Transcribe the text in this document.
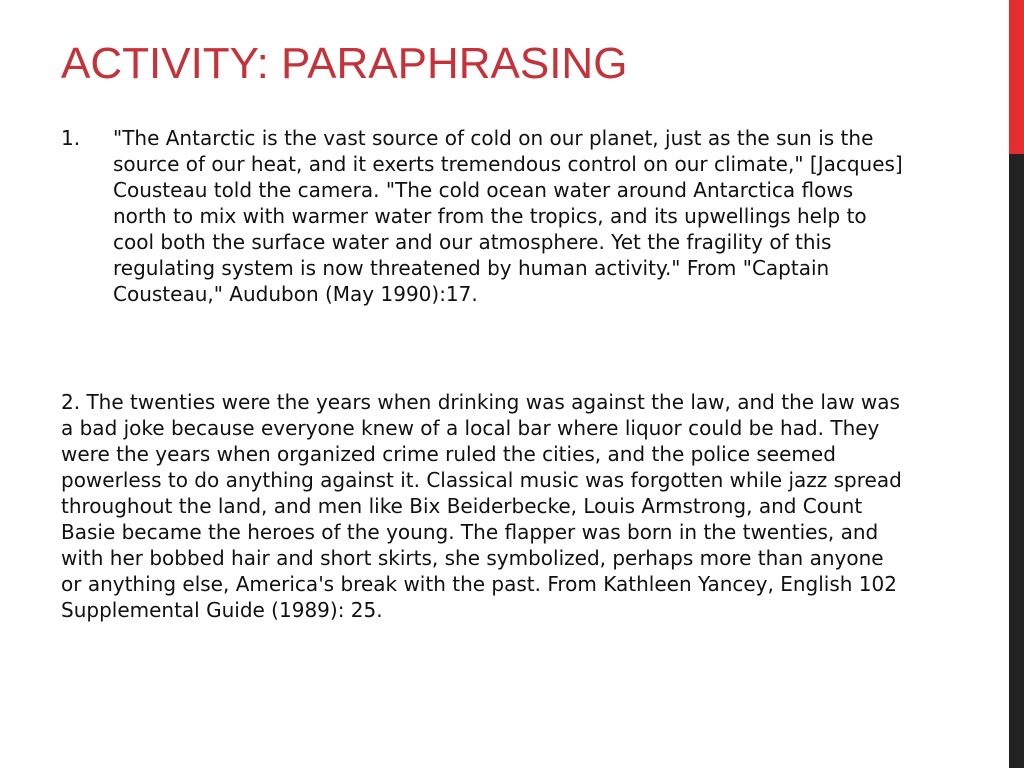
ACTIVITY: PARAPHRASING
1.	"The Antarctic is the vast source of cold on our planet, just as the sun is the source of our heat, and it exerts tremendous control on our climate," [Jacques] Cousteau told the camera. "The cold ocean water around Antarctica flows north to mix with warmer water from the tropics, and its upwellings help to cool both the surface water and our atmosphere. Yet the fragility of this regulating system is now threatened by human activity." From "Captain Cousteau," Audubon (May 1990):17.
2. The twenties were the years when drinking was against the law, and the law was a bad joke because everyone knew of a local bar where liquor could be had. They were the years when organized crime ruled the cities, and the police seemed powerless to do anything against it. Classical music was forgotten while jazz spread throughout the land, and men like Bix Beiderbecke, Louis Armstrong, and Count Basie became the heroes of the young. The flapper was born in the twenties, and with her bobbed hair and short skirts, she symbolized, perhaps more than anyone or anything else, America's break with the past. From Kathleen Yancey, English 102 Supplemental Guide (1989): 25.
